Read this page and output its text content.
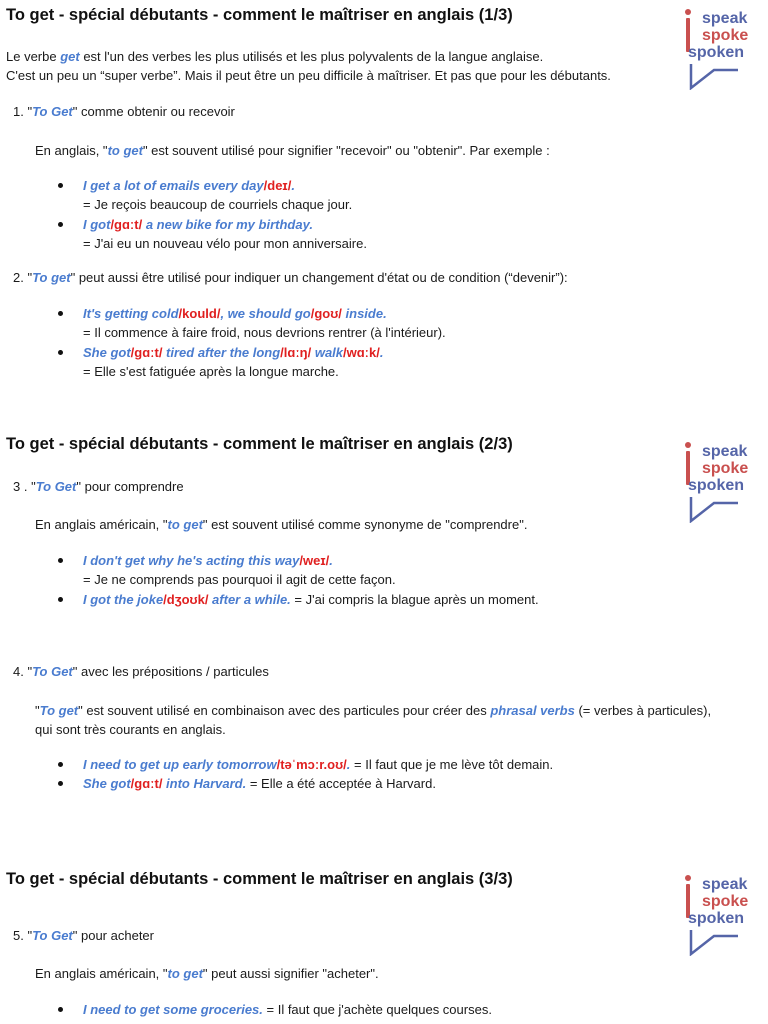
To get - spécial débutants - comment le maîtriser en anglais (1/3)	speak
spoke
spoken
Le verbe get est l'un des verbes les plus utilisés et les plus polyvalents de la langue anglaise.
C'est un peu un “super verbe”. Mais il peut être un peu difficile à maîtriser. Et pas que pour les débutants.
1. "To Get" comme obtenir ou recevoir
En anglais, "to get" est souvent utilisé pour signifier "recevoir" ou "obtenir". Par exemple :
I get a lot of emails every day/deɪ/.
= Je reçois beaucoup de courriels chaque jour.
I got/gɑːt/ a new bike for my birthday.
= J'ai eu un nouveau vélo pour mon anniversaire.
2. "To get" peut aussi être utilisé pour indiquer un changement d'état ou de condition (“devenir”):
It's getting cold/kould/, we should go/goʊ/ inside.
= Il commence à faire froid, nous devrions rentrer (à l'intérieur).
She got/gɑːt/ tired after the long/lɑːŋ/ walk/wɑːk/.
= Elle s'est fatiguée après la longue marche.
To get - spécial débutants - comment le maîtriser en anglais (2/3)	speak
spoke
spoken
3 . "To Get" pour comprendre
En anglais américain, "to get" est souvent utilisé comme synonyme de "comprendre".
I don't get why he's acting this way/weɪ/.
= Je ne comprends pas pourquoi il agit de cette façon.
I got the joke/dʒoʊk/ after a while. = J'ai compris la blague après un moment.
4. "To Get" avec les prépositions / particules
"To get" est souvent utilisé en combinaison avec des particules pour créer des phrasal verbs (= verbes à particules),
qui sont très courants en anglais.
I need to get up early tomorrow/təˈmɔːr.oʊ/. = Il faut que je me lève tôt demain.
She got/gɑːt/ into Harvard. = Elle a été acceptée à Harvard.
To get - spécial débutants - comment le maîtriser en anglais (3/3)	speak
spoke
spoken
5. "To Get" pour acheter
En anglais américain, "to get" peut aussi signifier "acheter".
I need to get some groceries. = Il faut que j'achète quelques courses.
